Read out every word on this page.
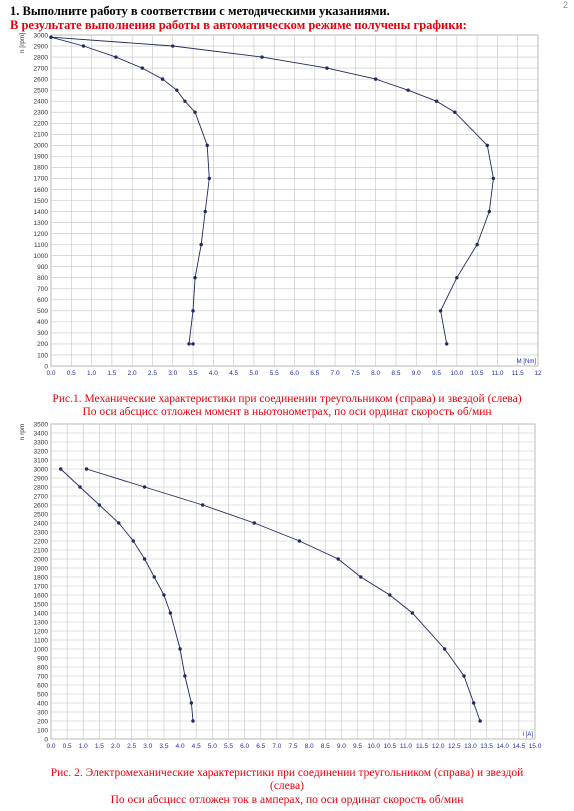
2
1. Выполните работу в соответствии с методическими указаниями.
В результате выполнения работы в автоматическом режиме получены графики:
0.0 0.5 1.0 1.5 2.0 2.5 3.0 3.5 4.0 4.5 5.0 5.5 6.0 6.5 7.0 7.5 8.0 8.5 9.0 9.5 10.0 10.5 11.0 11.5 12
0
100
200
300
400
500
600
700
800
900
1000
1100
1200
1300
1400
1500
1600
1700
1800
1900
2000
2100
2200
2300
2400
2500
2600
2700
2800
2900
3000
n [rpm]
M [Nm]
0.0 0.5 1.0 1.5 2.0 2.5 3.0 3.5 4.0 4.5 5.0 5.5 6.0 6.5 7.0 7.5 8.0 8.5 9.0 9.5 10.0 10.5 11.0 11.5 12.0 12.5 13.0 13.5 14.0 14.5 15.0
0
100
200
300
400
500
600
700
800
900
1000
1100
1200
1300
1400
1500
1600
1700
1800
1900
2000
2100
2200
2300
2400
2500
2600
2700
2800
2900
3000
3100
3200
3300
3400
3500
n rpm
I [A]
Рис.1. Механические характеристики при соединении треугольником (справа) и звездой (слева)
По оси абсцисс отложен момент в ньютонометрах, по оси ординат скорость об/мин
Рис. 2. Электромеханические характеристики при соединении треугольником (справа) и звездой
(слева)
По оси абсцисс отложен ток в амперах, по оси ординат скорость об/мин
